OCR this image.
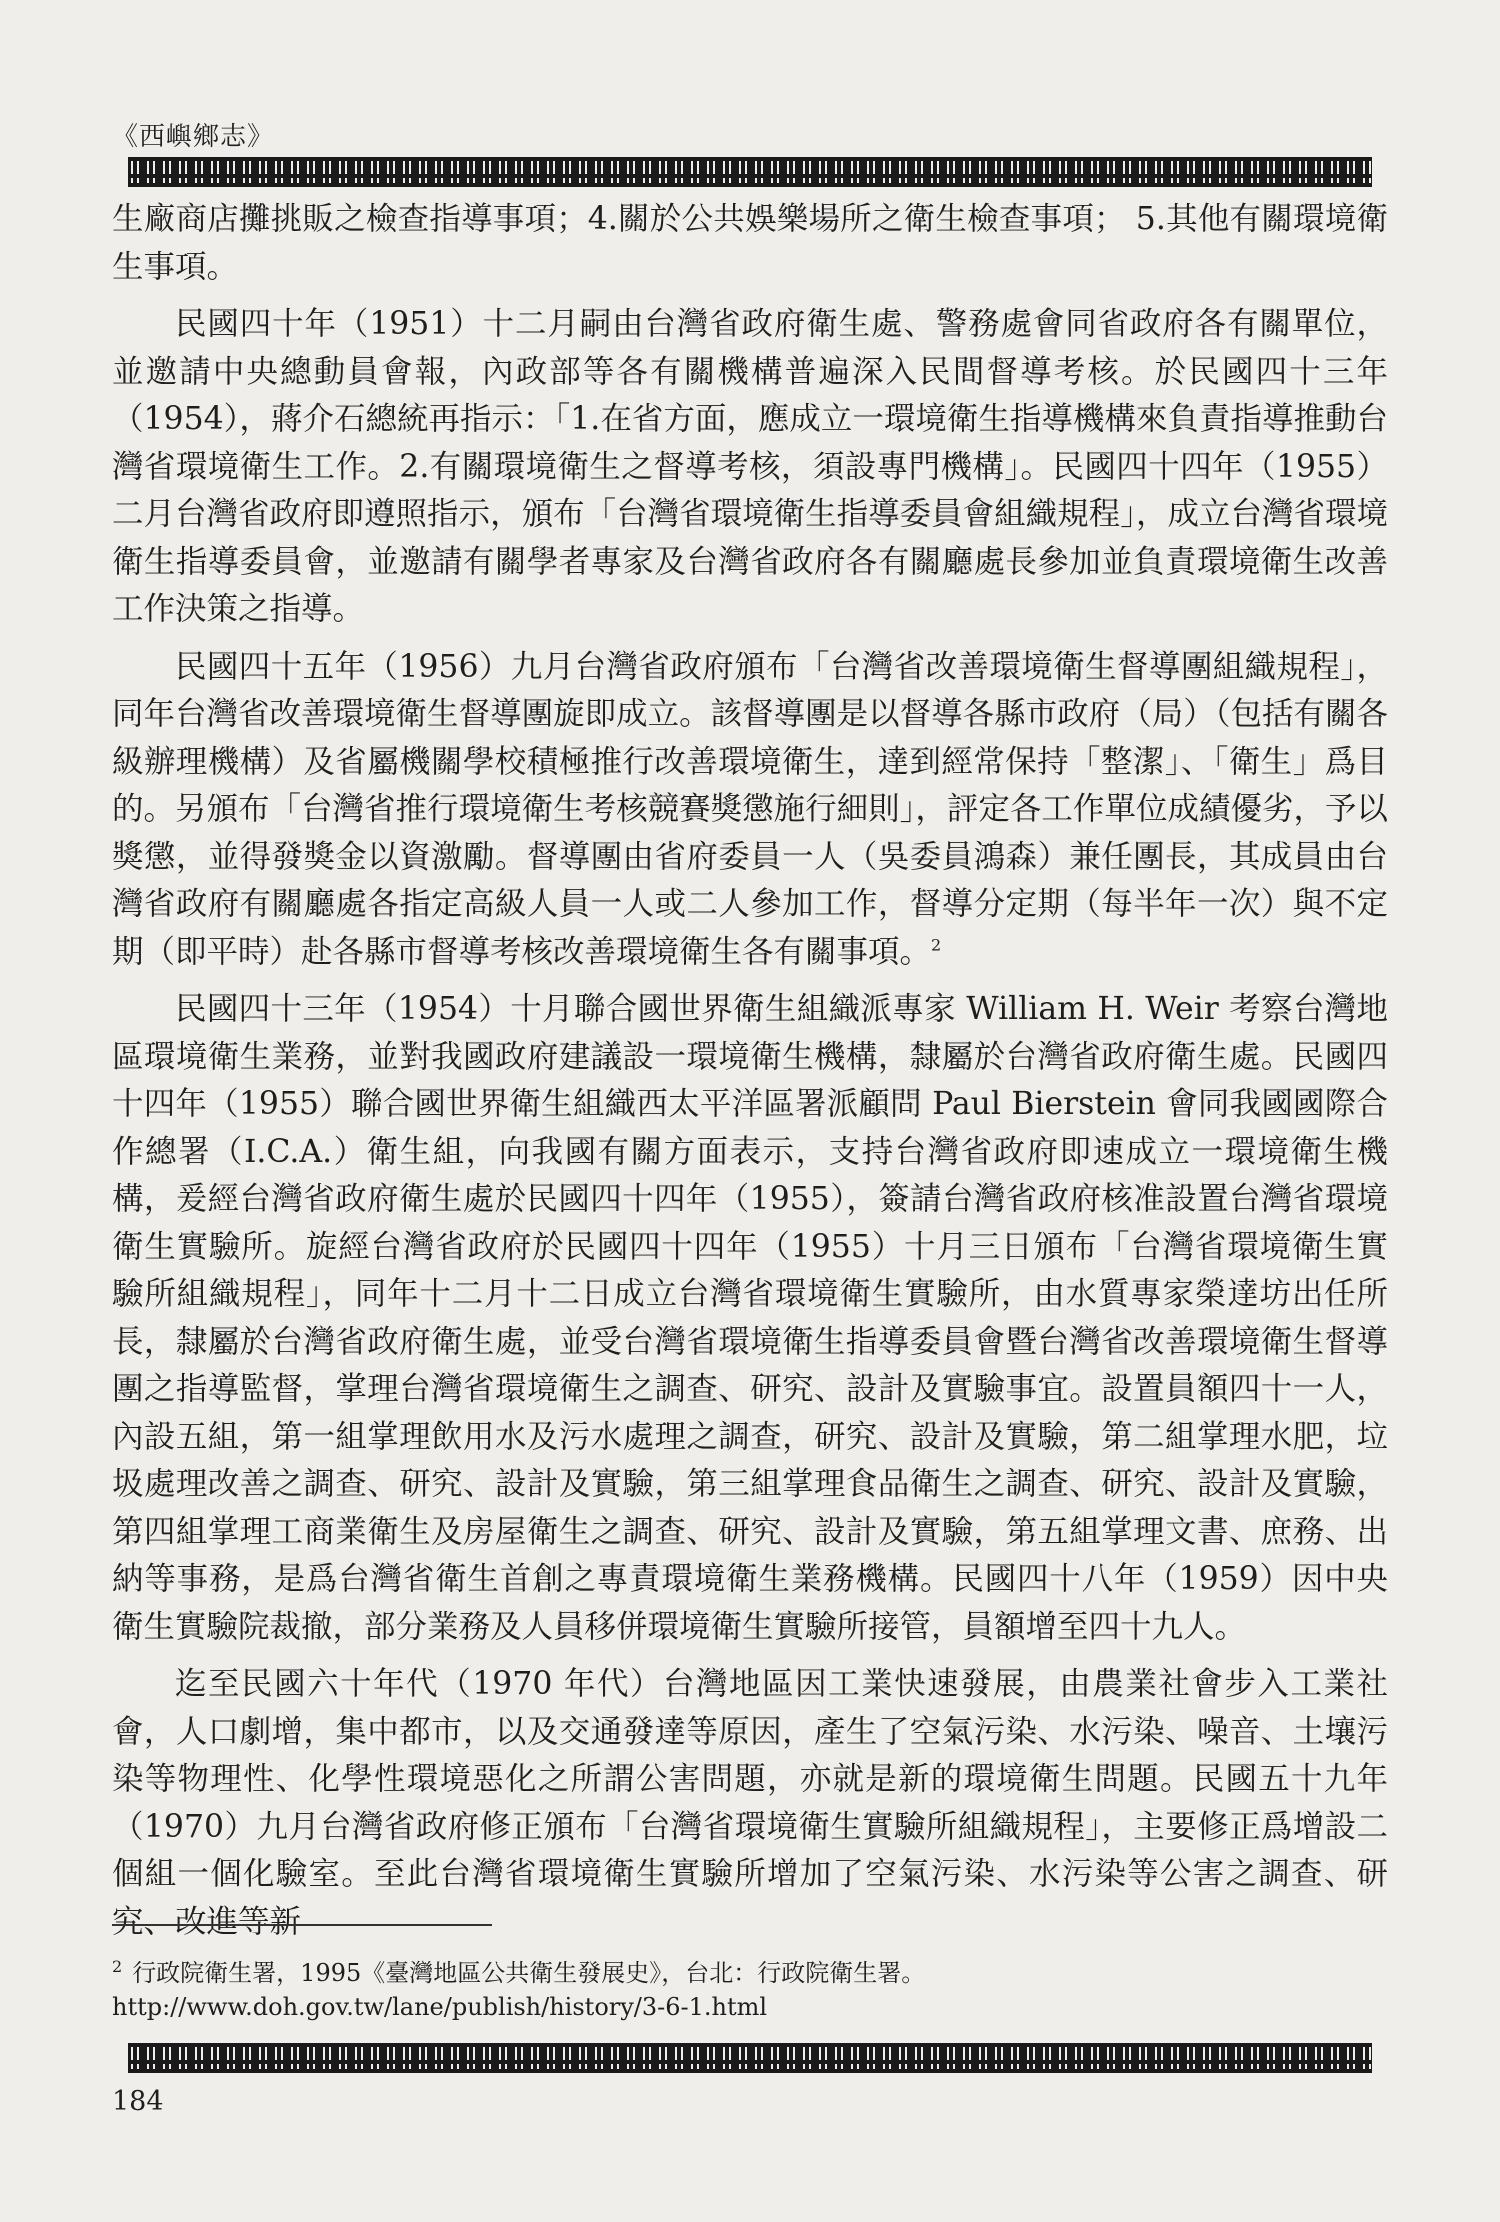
《西嶼鄉志》

生廠商店攤挑販之檢查指導事項；4.關於公共娛樂場所之衛生檢查事項； 5.其他有關環境衛生事項。

民國四十年（1951）十二月嗣由台灣省政府衛生處、警務處會同省政府各有關單位，並邀請中央總動員會報，內政部等各有關機構普遍深入民間督導考核。於民國四十三年（1954），蔣介石總統再指示：「1.在省方面，應成立一環境衛生指導機構來負責指導推動台灣省環境衛生工作。2.有關環境衛生之督導考核，須設專門機構」。民國四十四年（1955）二月台灣省政府即遵照指示，頒布「台灣省環境衛生指導委員會組織規程」，成立台灣省環境衛生指導委員會，並邀請有關學者專家及台灣省政府各有關廳處長參加並負責環境衛生改善工作決策之指導。

民國四十五年（1956）九月台灣省政府頒布「台灣省改善環境衛生督導團組織規程」，同年台灣省改善環境衛生督導團旋即成立。該督導團是以督導各縣市政府（局）（包括有關各級辦理機構）及省屬機關學校積極推行改善環境衛生，達到經常保持「整潔」、「衛生」爲目的。另頒布「台灣省推行環境衛生考核競賽獎懲施行細則」，評定各工作單位成績優劣，予以獎懲，並得發獎金以資激勵。督導團由省府委員一人（吳委員鴻森）兼任團長，其成員由台灣省政府有關廳處各指定高級人員一人或二人參加工作，督導分定期（每半年一次）與不定期（即平時）赴各縣市督導考核改善環境衛生各有關事項。$^2$

民國四十三年（1954）十月聯合國世界衛生組織派專家 William H. Weir 考察台灣地區環境衛生業務，並對我國政府建議設一環境衛生機構，隸屬於台灣省政府衛生處。民國四十四年（1955）聯合國世界衛生組織西太平洋區署派顧問 Paul Bierstein 會同我國國際合作總署（I.C.A.）衛生組，向我國有關方面表示，支持台灣省政府即速成立一環境衛生機構，爰經台灣省政府衛生處於民國四十四年（1955），簽請台灣省政府核准設置台灣省環境衛生實驗所。旋經台灣省政府於民國四十四年（1955）十月三日頒布「台灣省環境衛生實驗所組織規程」，同年十二月十二日成立台灣省環境衛生實驗所，由水質專家榮達坊出任所長，隸屬於台灣省政府衛生處，並受台灣省環境衛生指導委員會暨台灣省改善環境衛生督導團之指導監督，掌理台灣省環境衛生之調查、研究、設計及實驗事宜。設置員額四十一人，內設五組，第一組掌理飲用水及污水處理之調查，研究、設計及實驗，第二組掌理水肥，垃圾處理改善之調查、研究、設計及實驗，第三組掌理食品衛生之調查、研究、設計及實驗，第四組掌理工商業衛生及房屋衛生之調查、研究、設計及實驗，第五組掌理文書、庶務、出納等事務，是爲台灣省衛生首創之專責環境衛生業務機構。民國四十八年（1959）因中央衛生實驗院裁撤，部分業務及人員移併環境衛生實驗所接管，員額增至四十九人。

迄至民國六十年代（1970 年代）台灣地區因工業快速發展，由農業社會步入工業社會，人口劇增，集中都市，以及交通發達等原因，產生了空氣污染、水污染、噪音、土壤污染等物理性、化學性環境惡化之所謂公害問題，亦就是新的環境衛生問題。民國五十九年（1970）九月台灣省政府修正頒布「台灣省環境衛生實驗所組織規程」，主要修正爲增設二個組一個化驗室。至此台灣省環境衛生實驗所增加了空氣污染、水污染等公害之調查、研究、改進等新

$^2$ 行政院衛生署，1995《臺灣地區公共衛生發展史》，台北：行政院衛生署。
http://www.doh.gov.tw/lane/publish/history/3-6-1.html
184
